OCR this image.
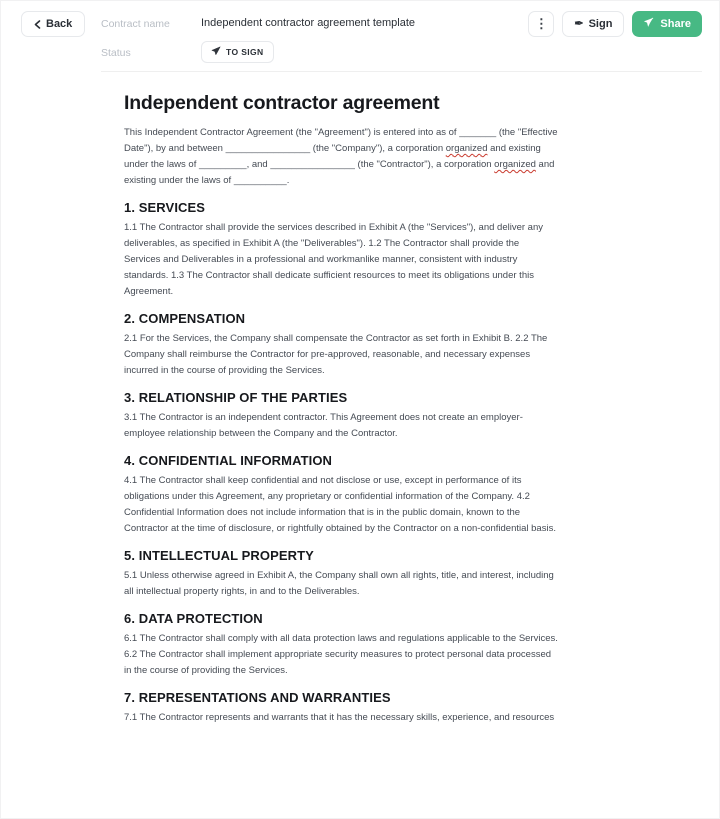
Back	Contract name	Independent contractor agreement template
Status	TO SIGN
⋮ ✒ Sign	Share
Independent contractor agreement

This Independent Contractor Agreement (the "Agreement") is entered into as of _______ (the "Effective Date"), by and between ________________ (the "Company"), a corporation organized and existing under the laws of _________, and ________________ (the "Contractor"), a corporation organized and existing under the laws of __________.

1. SERVICES

1.1 The Contractor shall provide the services described in Exhibit A (the "Services"), and deliver any deliverables, as specified in Exhibit A (the "Deliverables"). 1.2 The Contractor shall provide the Services and Deliverables in a professional and workmanlike manner, consistent with industry standards. 1.3 The Contractor shall dedicate sufficient resources to meet its obligations under this Agreement.

2. COMPENSATION

2.1 For the Services, the Company shall compensate the Contractor as set forth in Exhibit B. 2.2 The Company shall reimburse the Contractor for pre-approved, reasonable, and necessary expenses incurred in the course of providing the Services.

3. RELATIONSHIP OF THE PARTIES

3.1 The Contractor is an independent contractor. This Agreement does not create an employer-employee relationship between the Company and the Contractor.

4. CONFIDENTIAL INFORMATION

4.1 The Contractor shall keep confidential and not disclose or use, except in performance of its obligations under this Agreement, any proprietary or confidential information of the Company. 4.2 Confidential Information does not include information that is in the public domain, known to the Contractor at the time of disclosure, or rightfully obtained by the Contractor on a non-confidential basis.

5. INTELLECTUAL PROPERTY

5.1 Unless otherwise agreed in Exhibit A, the Company shall own all rights, title, and interest, including all intellectual property rights, in and to the Deliverables.

6. DATA PROTECTION

6.1 The Contractor shall comply with all data protection laws and regulations applicable to the Services. 6.2 The Contractor shall implement appropriate security measures to protect personal data processed in the course of providing the Services.

7. REPRESENTATIONS AND WARRANTIES

7.1 The Contractor represents and warrants that it has the necessary skills, experience, and resources
